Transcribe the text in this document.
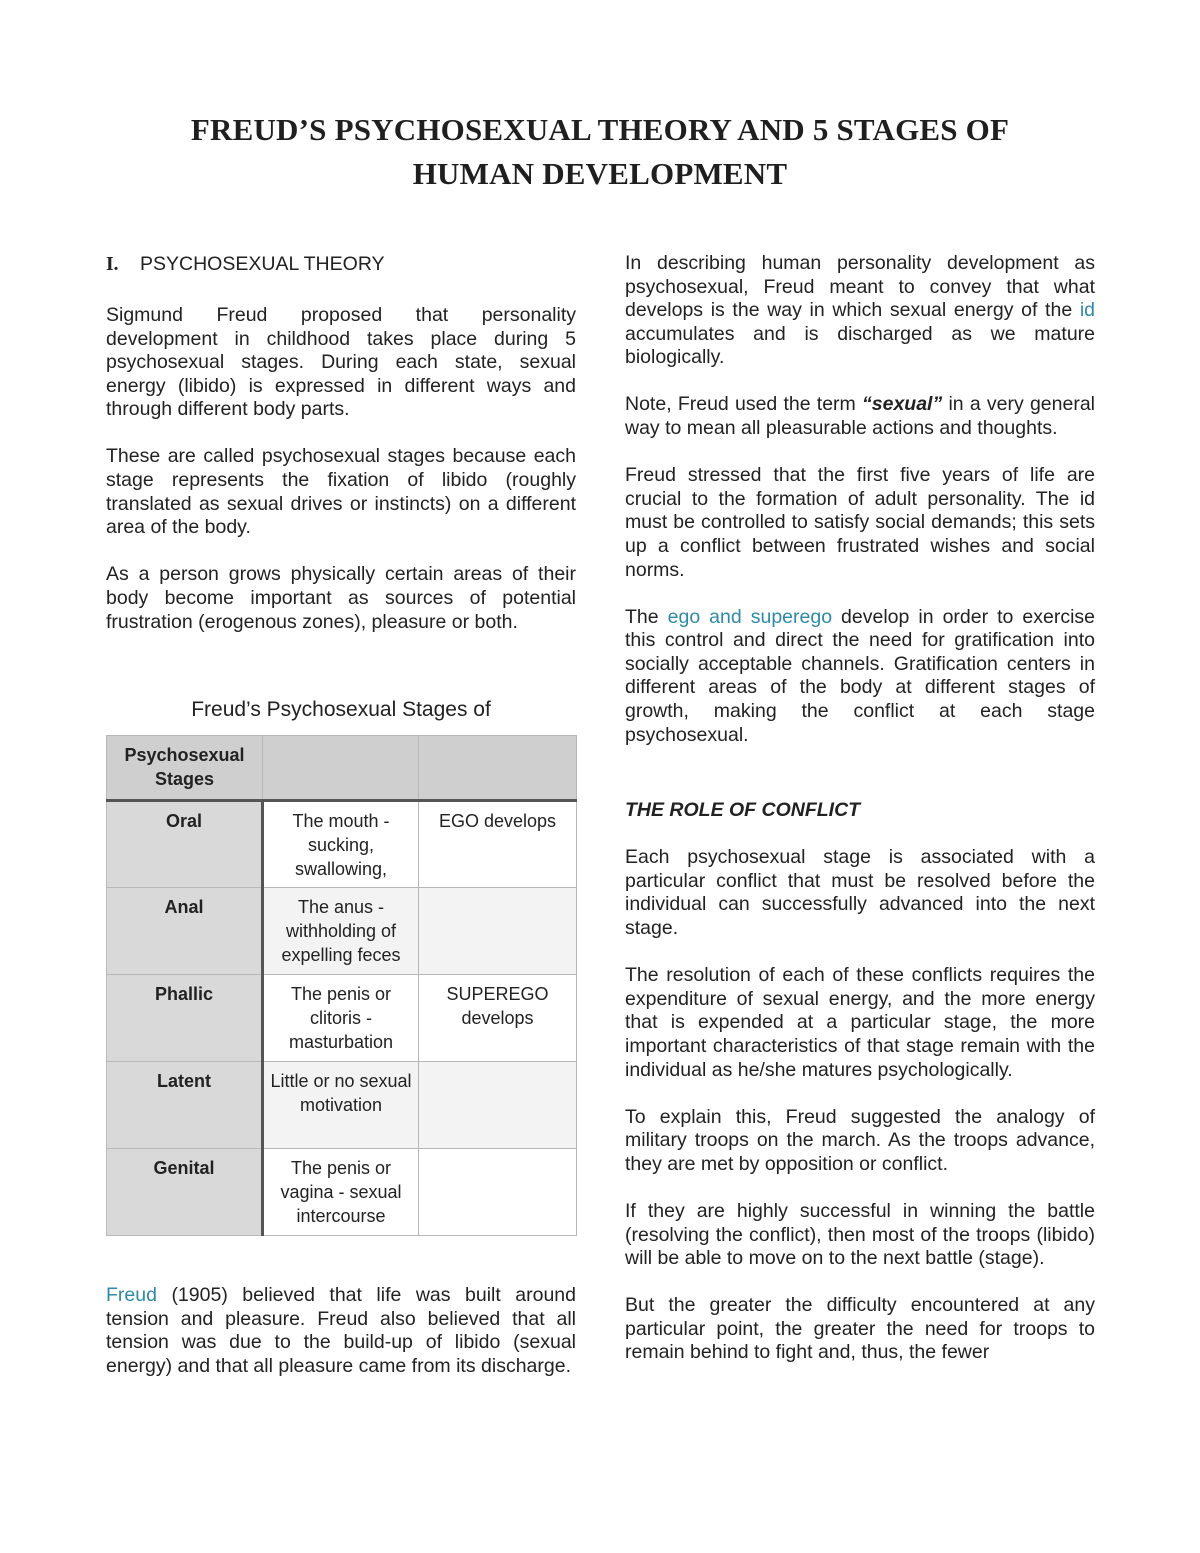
FREUD’S PSYCHOSEXUAL THEORY AND 5 STAGES OF
HUMAN DEVELOPMENT
I. PSYCHOSEXUAL THEORY

Sigmund Freud proposed that personality development in childhood takes place during 5 psychosexual stages. During each state, sexual energy (libido) is expressed in different ways and through different body parts.

These are called psychosexual stages because each stage represents the fixation of libido (roughly translated as sexual drives or instincts) on a different area of the body.

As a person grows physically certain areas of their body become important as sources of potential frustration (erogenous zones), pleasure or both.

Freud’s Psychosexual Stages of
Psychosexual Stages		
Oral	The mouth - sucking, swallowing,	EGO develops
Anal	The anus - withholding of expelling feces	

Phallic	The penis or clitoris - masturbation	SUPEREGO develops
Latent	Little or no sexual motivation	

Genital	The penis or vagina - sexual intercourse	

Freud (1905) believed that life was built around tension and pleasure. Freud also believed that all tension was due to the build-up of libido (sexual energy) and that all pleasure came from its discharge.

In describing human personality development as psychosexual, Freud meant to convey that what develops is the way in which sexual energy of the id accumulates and is discharged as we mature biologically.

Note, Freud used the term “sexual” in a very general way to mean all pleasurable actions and thoughts.

Freud stressed that the first five years of life are crucial to the formation of adult personality. The id must be controlled to satisfy social demands; this sets up a conflict between frustrated wishes and social norms.

The ego and superego develop in order to exercise this control and direct the need for gratification into socially acceptable channels. Gratification centers in different areas of the body at different stages of growth, making the conflict at each stage psychosexual.

THE ROLE OF CONFLICT

Each psychosexual stage is associated with a particular conflict that must be resolved before the individual can successfully advanced into the next stage.

The resolution of each of these conflicts requires the expenditure of sexual energy, and the more energy that is expended at a particular stage, the more important characteristics of that stage remain with the individual as he/she matures psychologically.

To explain this, Freud suggested the analogy of military troops on the march. As the troops advance, they are met by opposition or conflict.

If they are highly successful in winning the battle (resolving the conflict), then most of the troops (libido) will be able to move on to the next battle (stage).

But the greater the difficulty encountered at any particular point, the greater the need for troops to remain behind to fight and, thus, the fewer
